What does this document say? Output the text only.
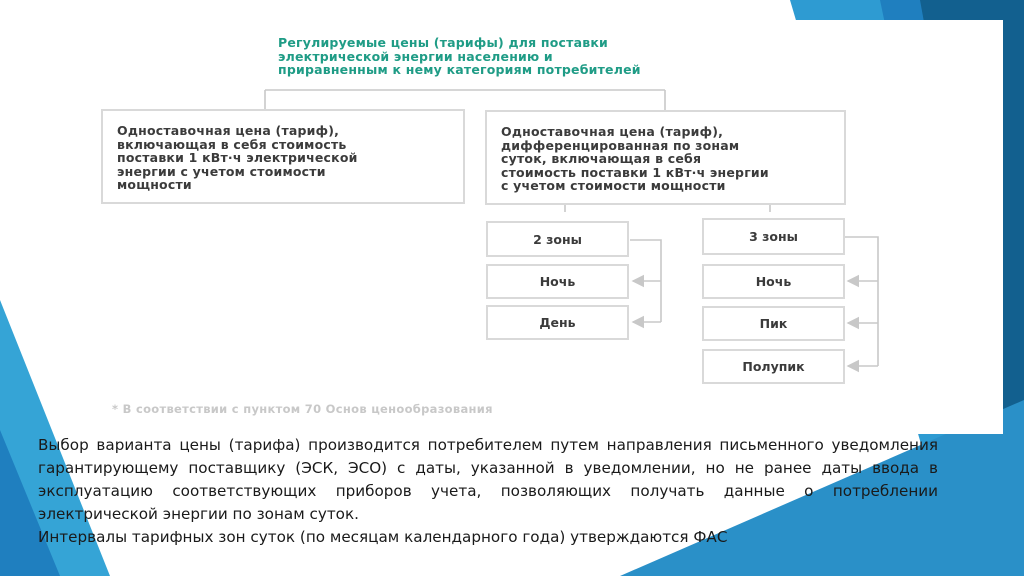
Регулируемые цены (тарифы) для поставки
электрической энергии населению и
приравненным к нему категориям потребителей
Одноставочная цена (тариф),
включающая в себя стоимость
поставки 1 кВт·ч электрической
энергии с учетом стоимости
мощности
Одноставочная цена (тариф),
дифференцированная по зонам
суток, включающая в себя
стоимость поставки 1 кВт·ч энергии
с учетом стоимости мощности
2 зоны
Ночь
День
3 зоны
Ночь
Пик
Полупик
* В соответствии с пунктом 70 Основ ценообразования

Выбор варианта цены (тарифа) производится потребителем путем направления письменного уведомления гарантирующему поставщику (ЭСК, ЭСО) с даты, указанной в уведомлении, но не ранее даты ввода в эксплуатацию соответствующих приборов учета, позволяющих получать данные о потреблении электрической энергии по зонам суток.

Интервалы тарифных зон суток (по месяцам календарного года) утверждаются ФАС
